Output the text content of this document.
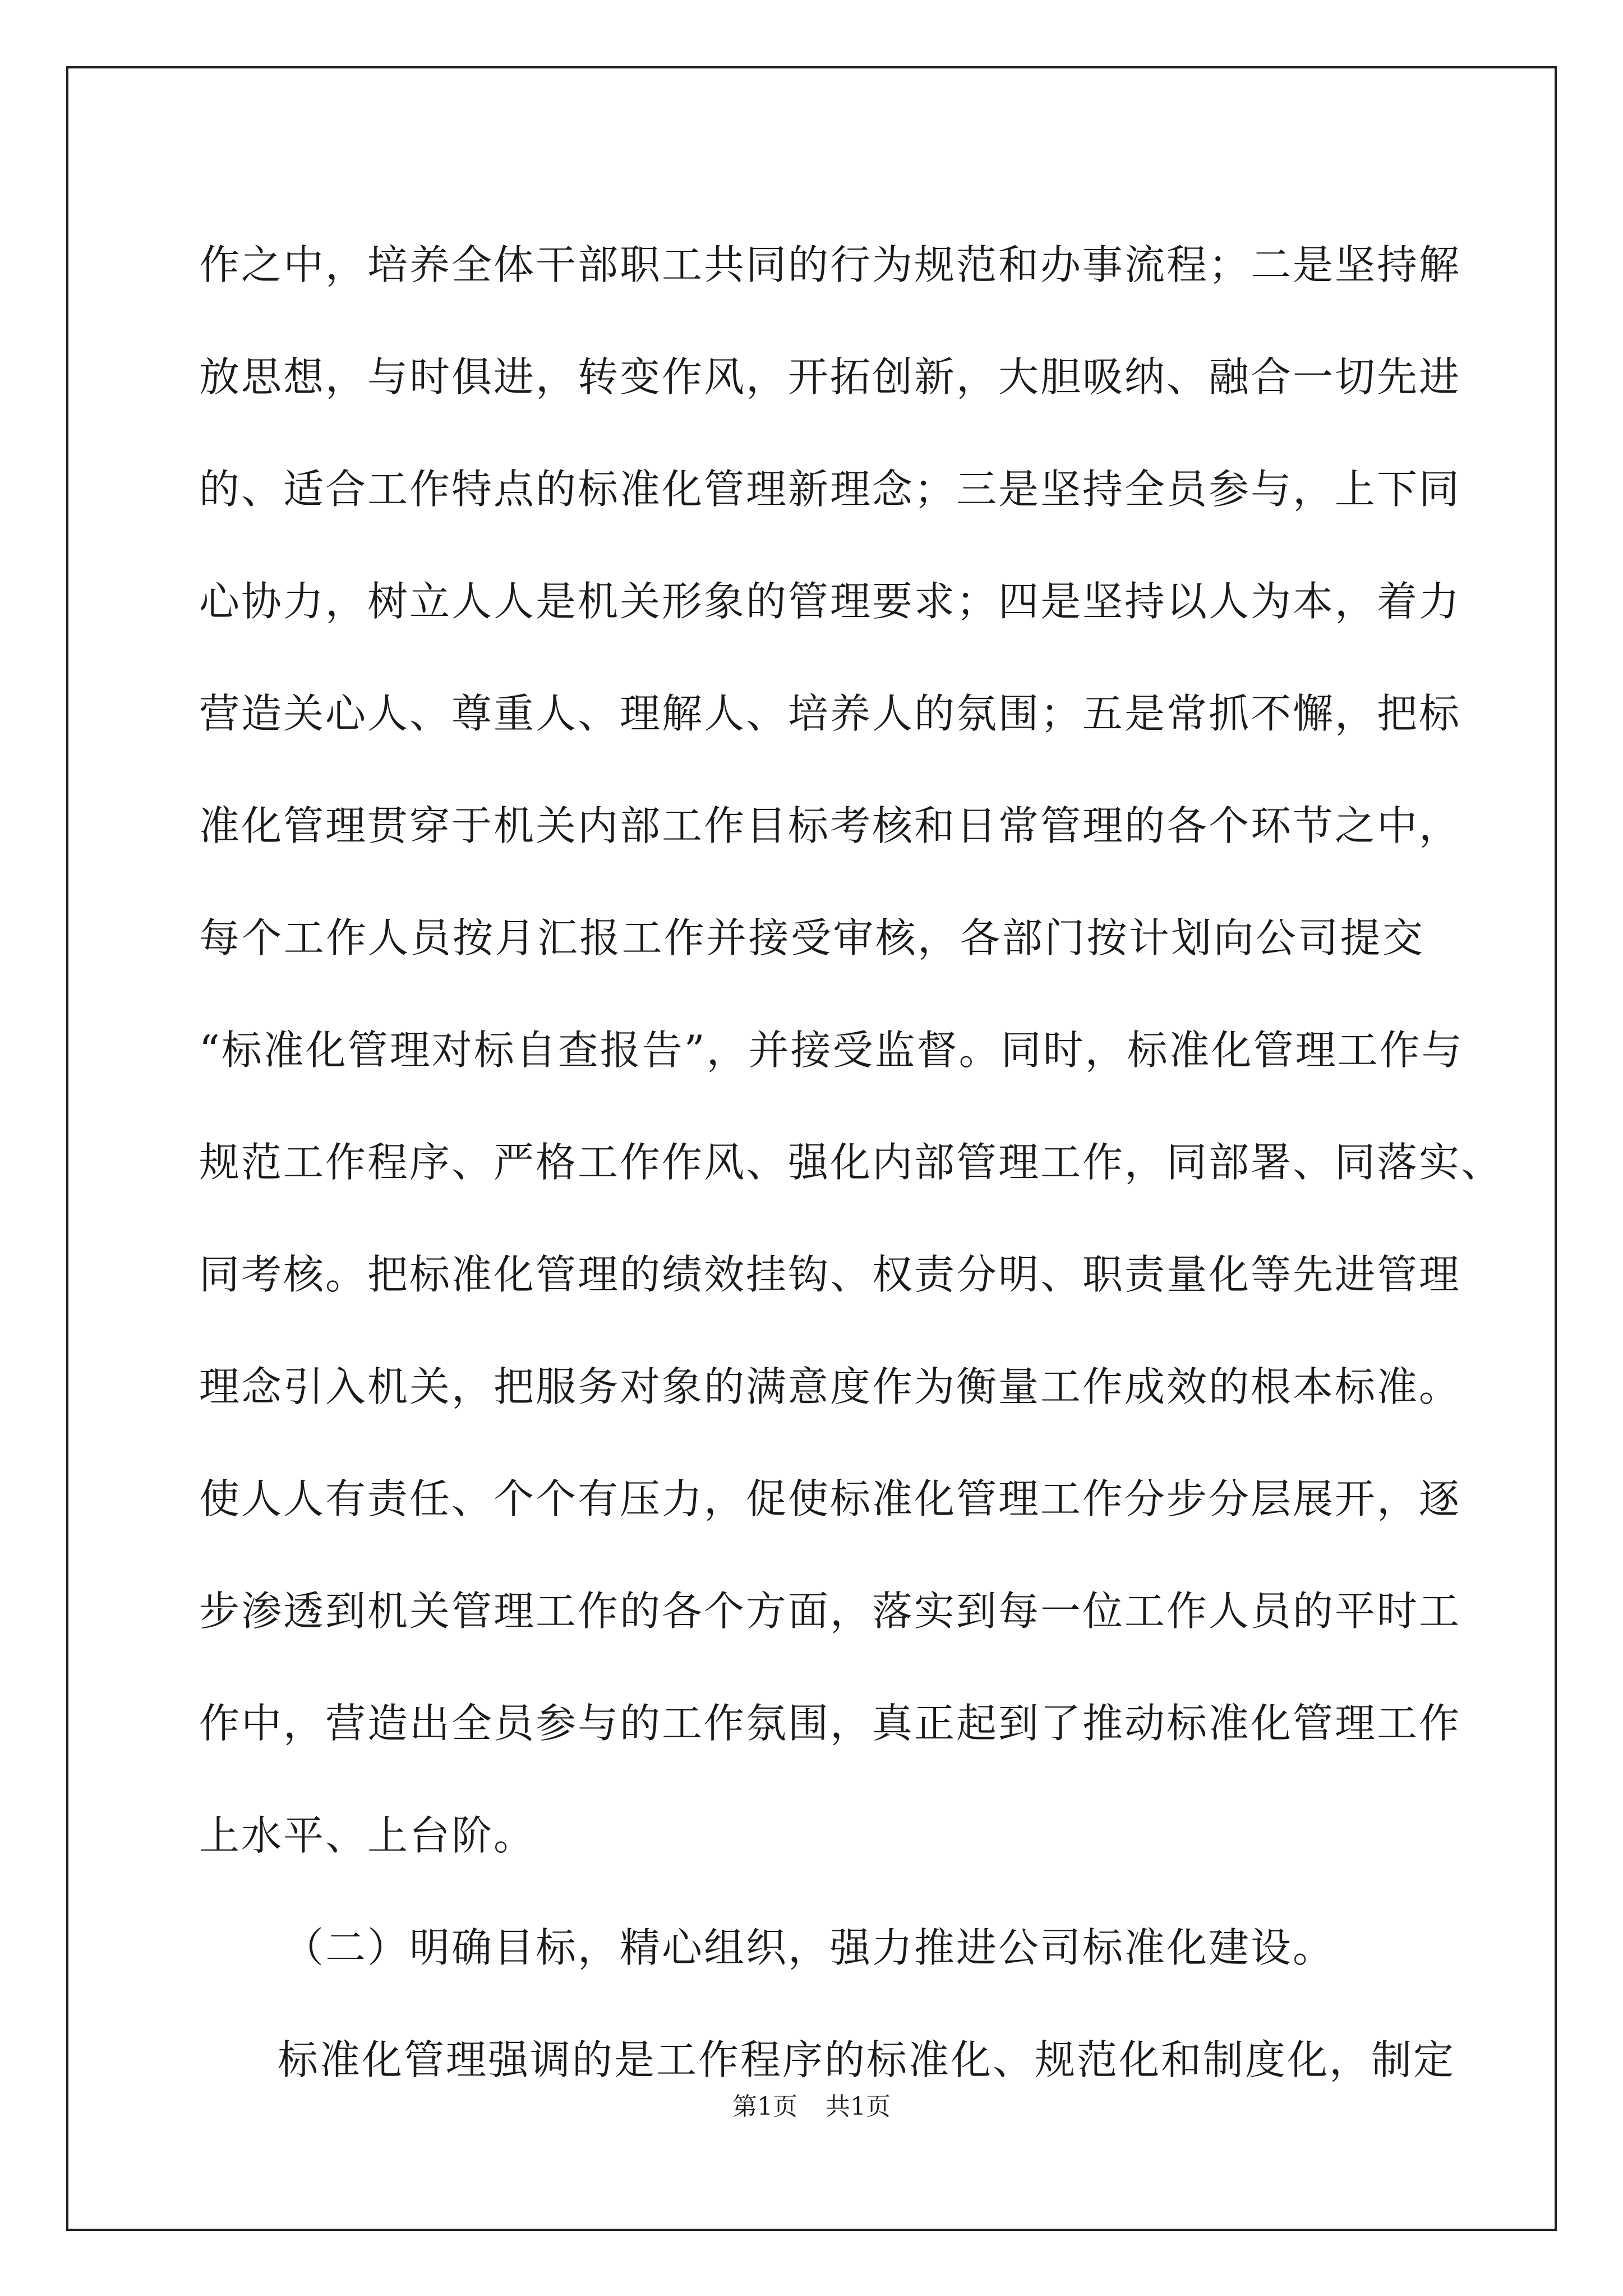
作之中，培养全体干部职工共同的行为规范和办事流程；二是坚持解
放思想，与时俱进，转变作风，开拓创新，大胆吸纳、融合一切先进
的、适合工作特点的标准化管理新理念；三是坚持全员参与，上下同
心协力，树立人人是机关形象的管理要求；四是坚持以人为本，着力
营造关心人、尊重人、理解人、培养人的氛围；五是常抓不懈，把标
准化管理贯穿于机关内部工作目标考核和日常管理的各个环节之中，
每个工作人员按月汇报工作并接受审核，各部门按计划向公司提交
“标准化管理对标自查报告”，并接受监督。同时，标准化管理工作与
规范工作程序、严格工作作风、强化内部管理工作，同部署、同落实、
同考核。把标准化管理的绩效挂钩、权责分明、职责量化等先进管理
理念引入机关，把服务对象的满意度作为衡量工作成效的根本标准。
使人人有责任、个个有压力，促使标准化管理工作分步分层展开，逐
步渗透到机关管理工作的各个方面，落实到每一位工作人员的平时工
作中，营造出全员参与的工作氛围，真正起到了推动标准化管理工作
上水平、上台阶。
（二）明确目标，精心组织，强力推进公司标准化建设。
标准化管理强调的是工作程序的标准化、规范化和制度化，制定
第1页 共1页
